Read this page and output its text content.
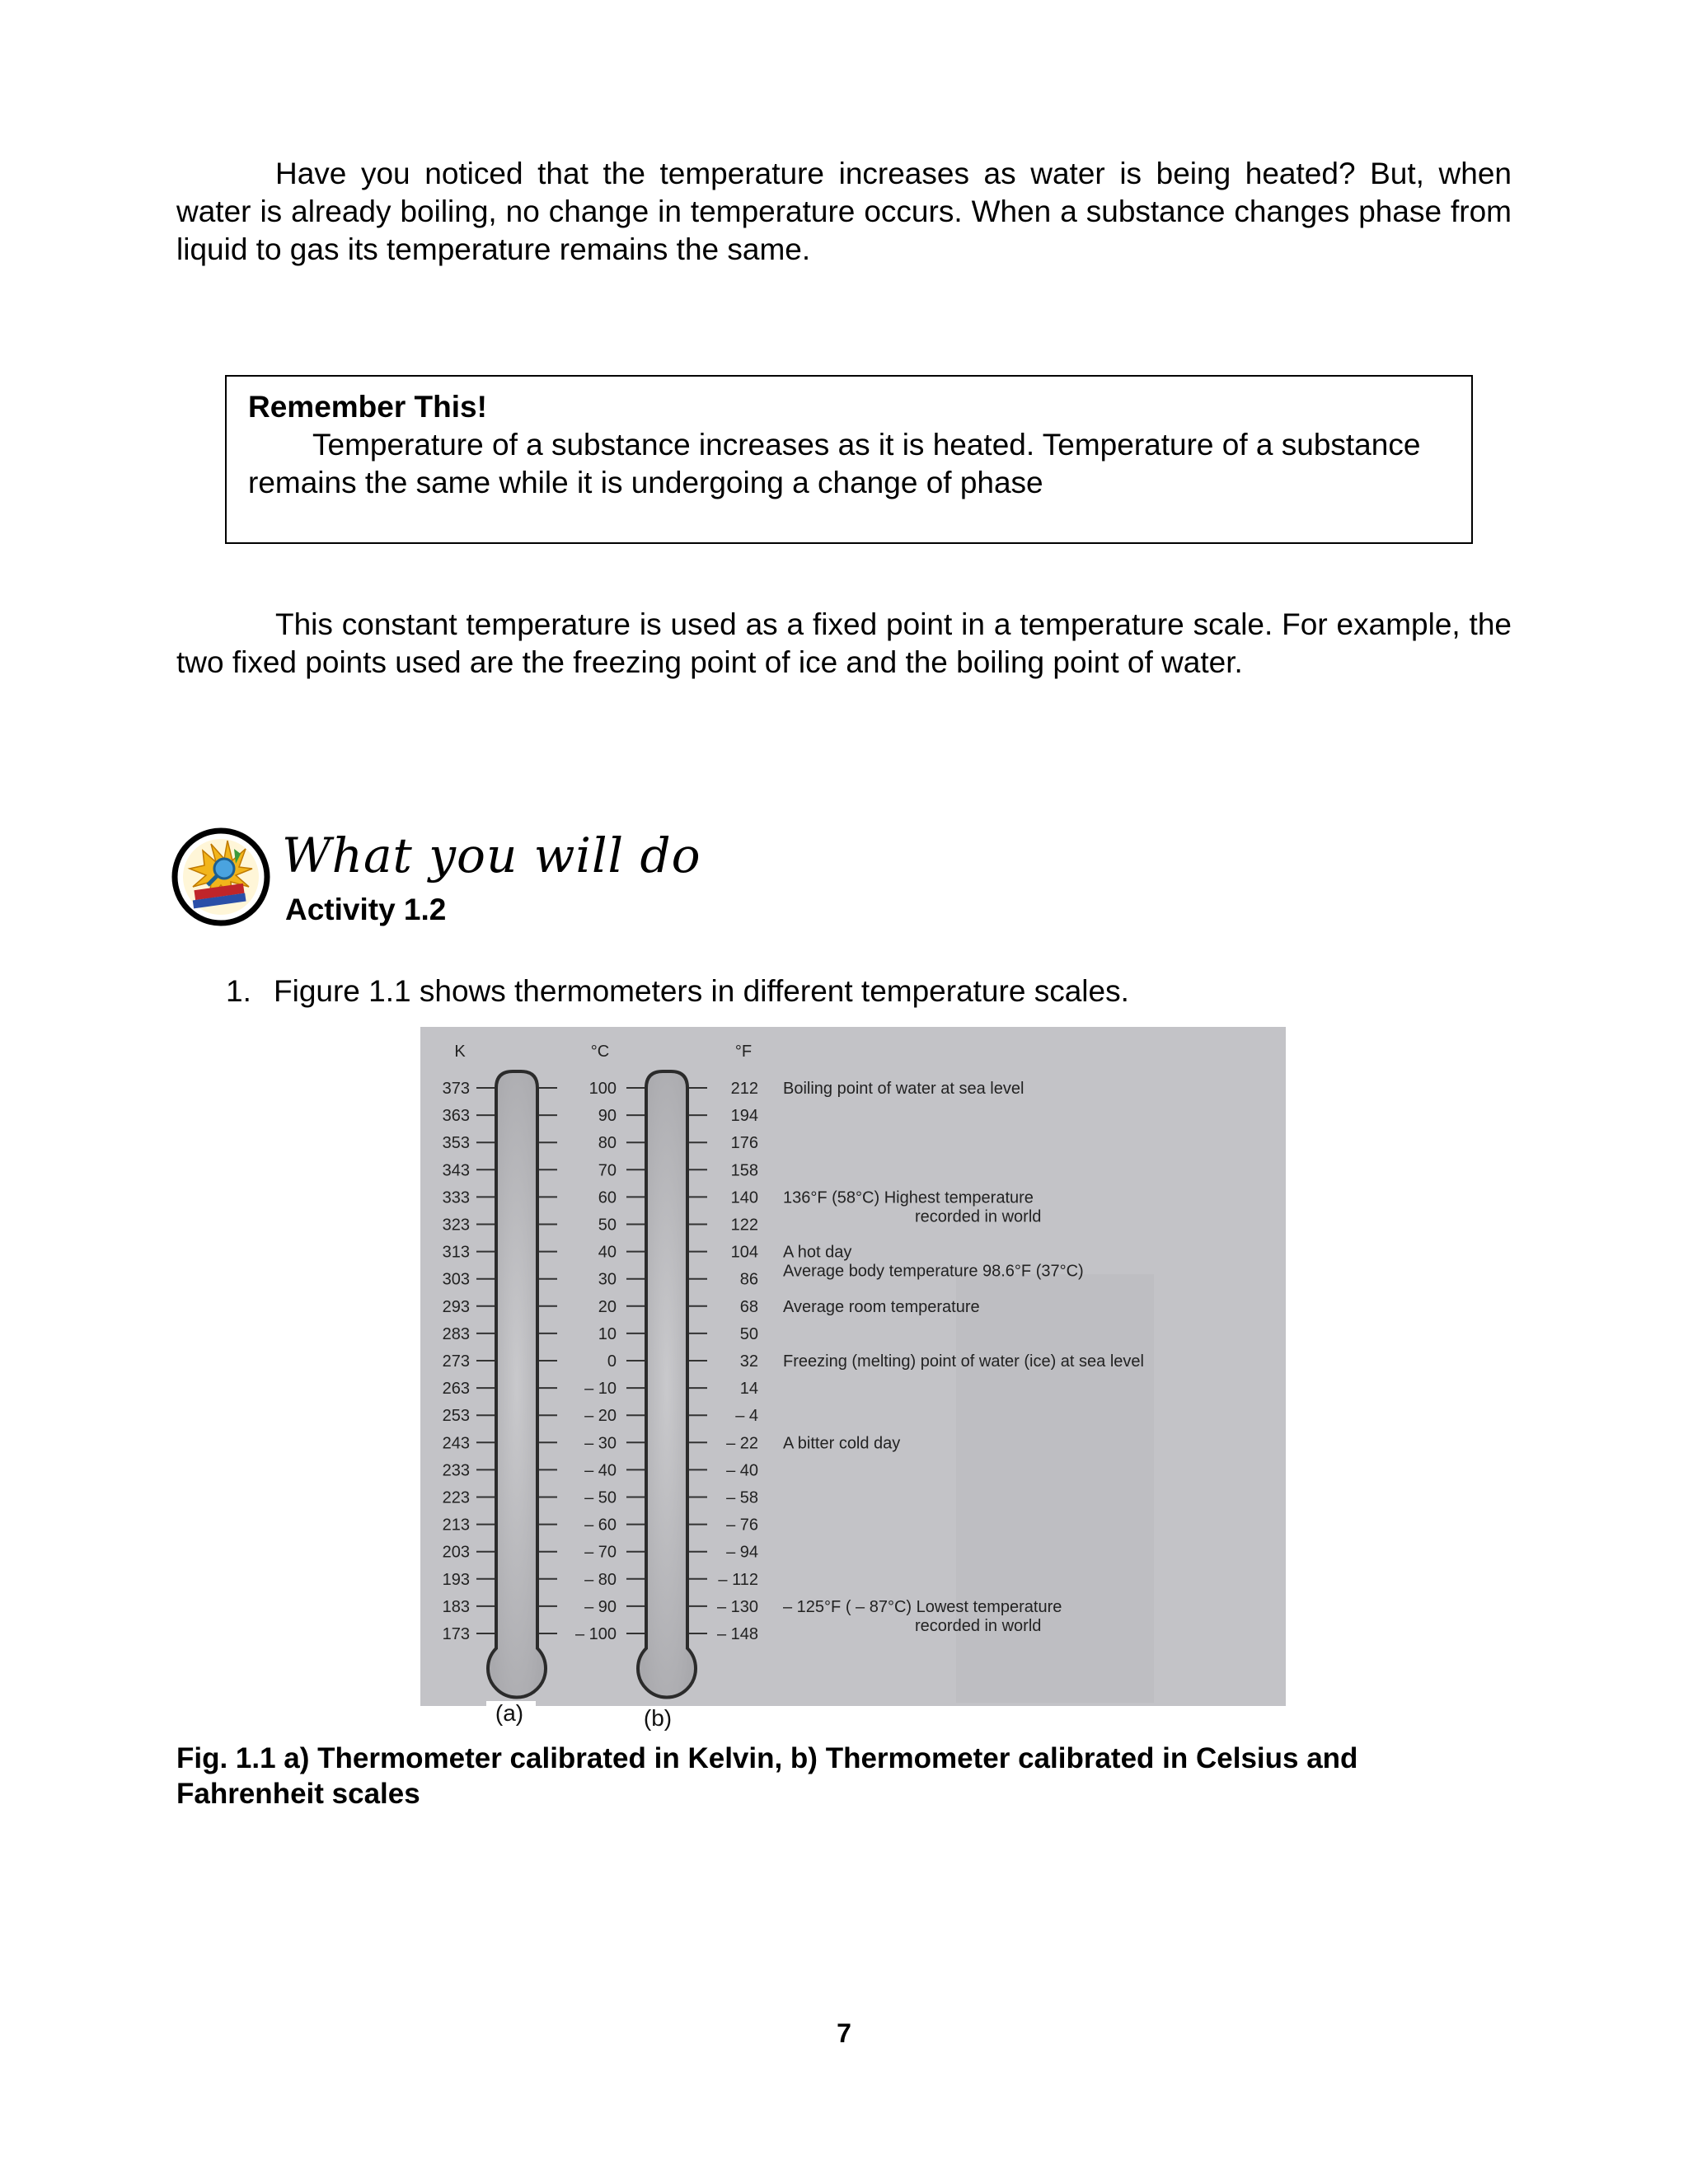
Have you noticed that the temperature increases as water is being heated? But, when water is already boiling, no change in temperature occurs. When a substance changes phase from liquid to gas its temperature remains the same.

Remember This!

Temperature of a substance increases as it is heated. Temperature of a substance remains the same while it is undergoing a change of phase

This constant temperature is used as a fixed point in a temperature scale. For example, the two fixed points used are the freezing point of ice and the boiling point of water.

What you will do

Activity 1.2

1. Figure 1.1 shows thermometers in different temperature scales.

K	°C	°F
373	100	212
363	90	194
353	80	176
343	70	158
333	60	140
323	50	122
313	40	104
303	30	86
293	20	68
283	10	50
273	0	32
263	– 10	14
253	– 20	– 4
243	– 30	– 22
233	– 40	– 40
223	– 50	– 58
213	– 60	– 76
203	– 70	– 94
193	– 80	– 112
183	– 90	– 130
173	– 100	– 148
Boiling point of water at sea level
136°F (58°C) Highest temperature
recorded in world
A hot day
Average body temperature 98.6°F (37°C)
Average room temperature
Freezing (melting) point of water (ice) at sea level
A bitter cold day
– 125°F ( – 87°C) Lowest temperature
recorded in world
(a)	(b)

Fig. 1.1 a) Thermometer calibrated in Kelvin, b) Thermometer calibrated in Celsius and Fahrenheit scales

7
